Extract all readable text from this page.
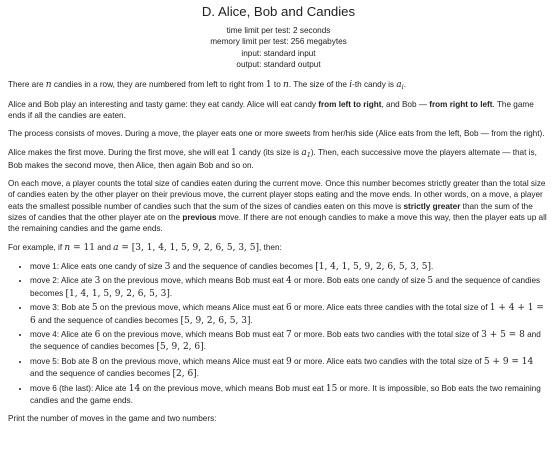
D. Alice, Bob and Candies
time limit per test: 2 seconds
memory limit per test: 256 megabytes
input: standard input
output: standard output

There are n candies in a row, they are numbered from left to right from 1 to n. The size of the i-th candy is $a_i$.

Alice and Bob play an interesting and tasty game: they eat candy. Alice will eat candy from left to right, and Bob — from right to left. The game ends if all the candies are eaten.

The process consists of moves. During a move, the player eats one or more sweets from her/his side (Alice eats from the left, Bob — from the right).

Alice makes the first move. During the first move, she will eat 1 candy (its size is $a_1$). Then, each successive move the players alternate — that is, Bob makes the second move, then Alice, then again Bob and so on.

On each move, a player counts the total size of candies eaten during the current move. Once this number becomes strictly greater than the total size of candies eaten by the other player on their previous move, the current player stops eating and the move ends. In other words, on a move, a player eats the smallest possible number of candies such that the sum of the sizes of candies eaten on this move is strictly greater than the sum of the sizes of candies that the other player ate on the previous move. If there are not enough candies to make a move this way, then the player eats up all the remaining candies and the game ends.

For example, if n = 11 and a = [3, 1, 4, 1, 5, 9, 2, 6, 5, 3, 5], then:

• move 1: Alice eats one candy of size 3 and the sequence of candies becomes [1, 4, 1, 5, 9, 2, 6, 5, 3, 5].
• move 2: Alice ate 3 on the previous move, which means Bob must eat 4 or more. Bob eats one candy of size 5 and the sequence of candies becomes [1, 4, 1, 5, 9, 2, 6, 5, 3].
• move 3: Bob ate 5 on the previous move, which means Alice must eat 6 or more. Alice eats three candies with the total size of 1 + 4 + 1 = 6 and the sequence of candies becomes [5, 9, 2, 6, 5, 3].
• move 4: Alice ate 6 on the previous move, which means Bob must eat 7 or more. Bob eats two candies with the total size of 3 + 5 = 8 and the sequence of candies becomes [5, 9, 2, 6].
• move 5: Bob ate 8 on the previous move, which means Alice must eat 9 or more. Alice eats two candies with the total size of 5 + 9 = 14 and the sequence of candies becomes [2, 6].
• move 6 (the last): Alice ate 14 on the previous move, which means Bob must eat 15 or more. It is impossible, so Bob eats the two remaining candies and the game ends.

Print the number of moves in the game and two numbers:
